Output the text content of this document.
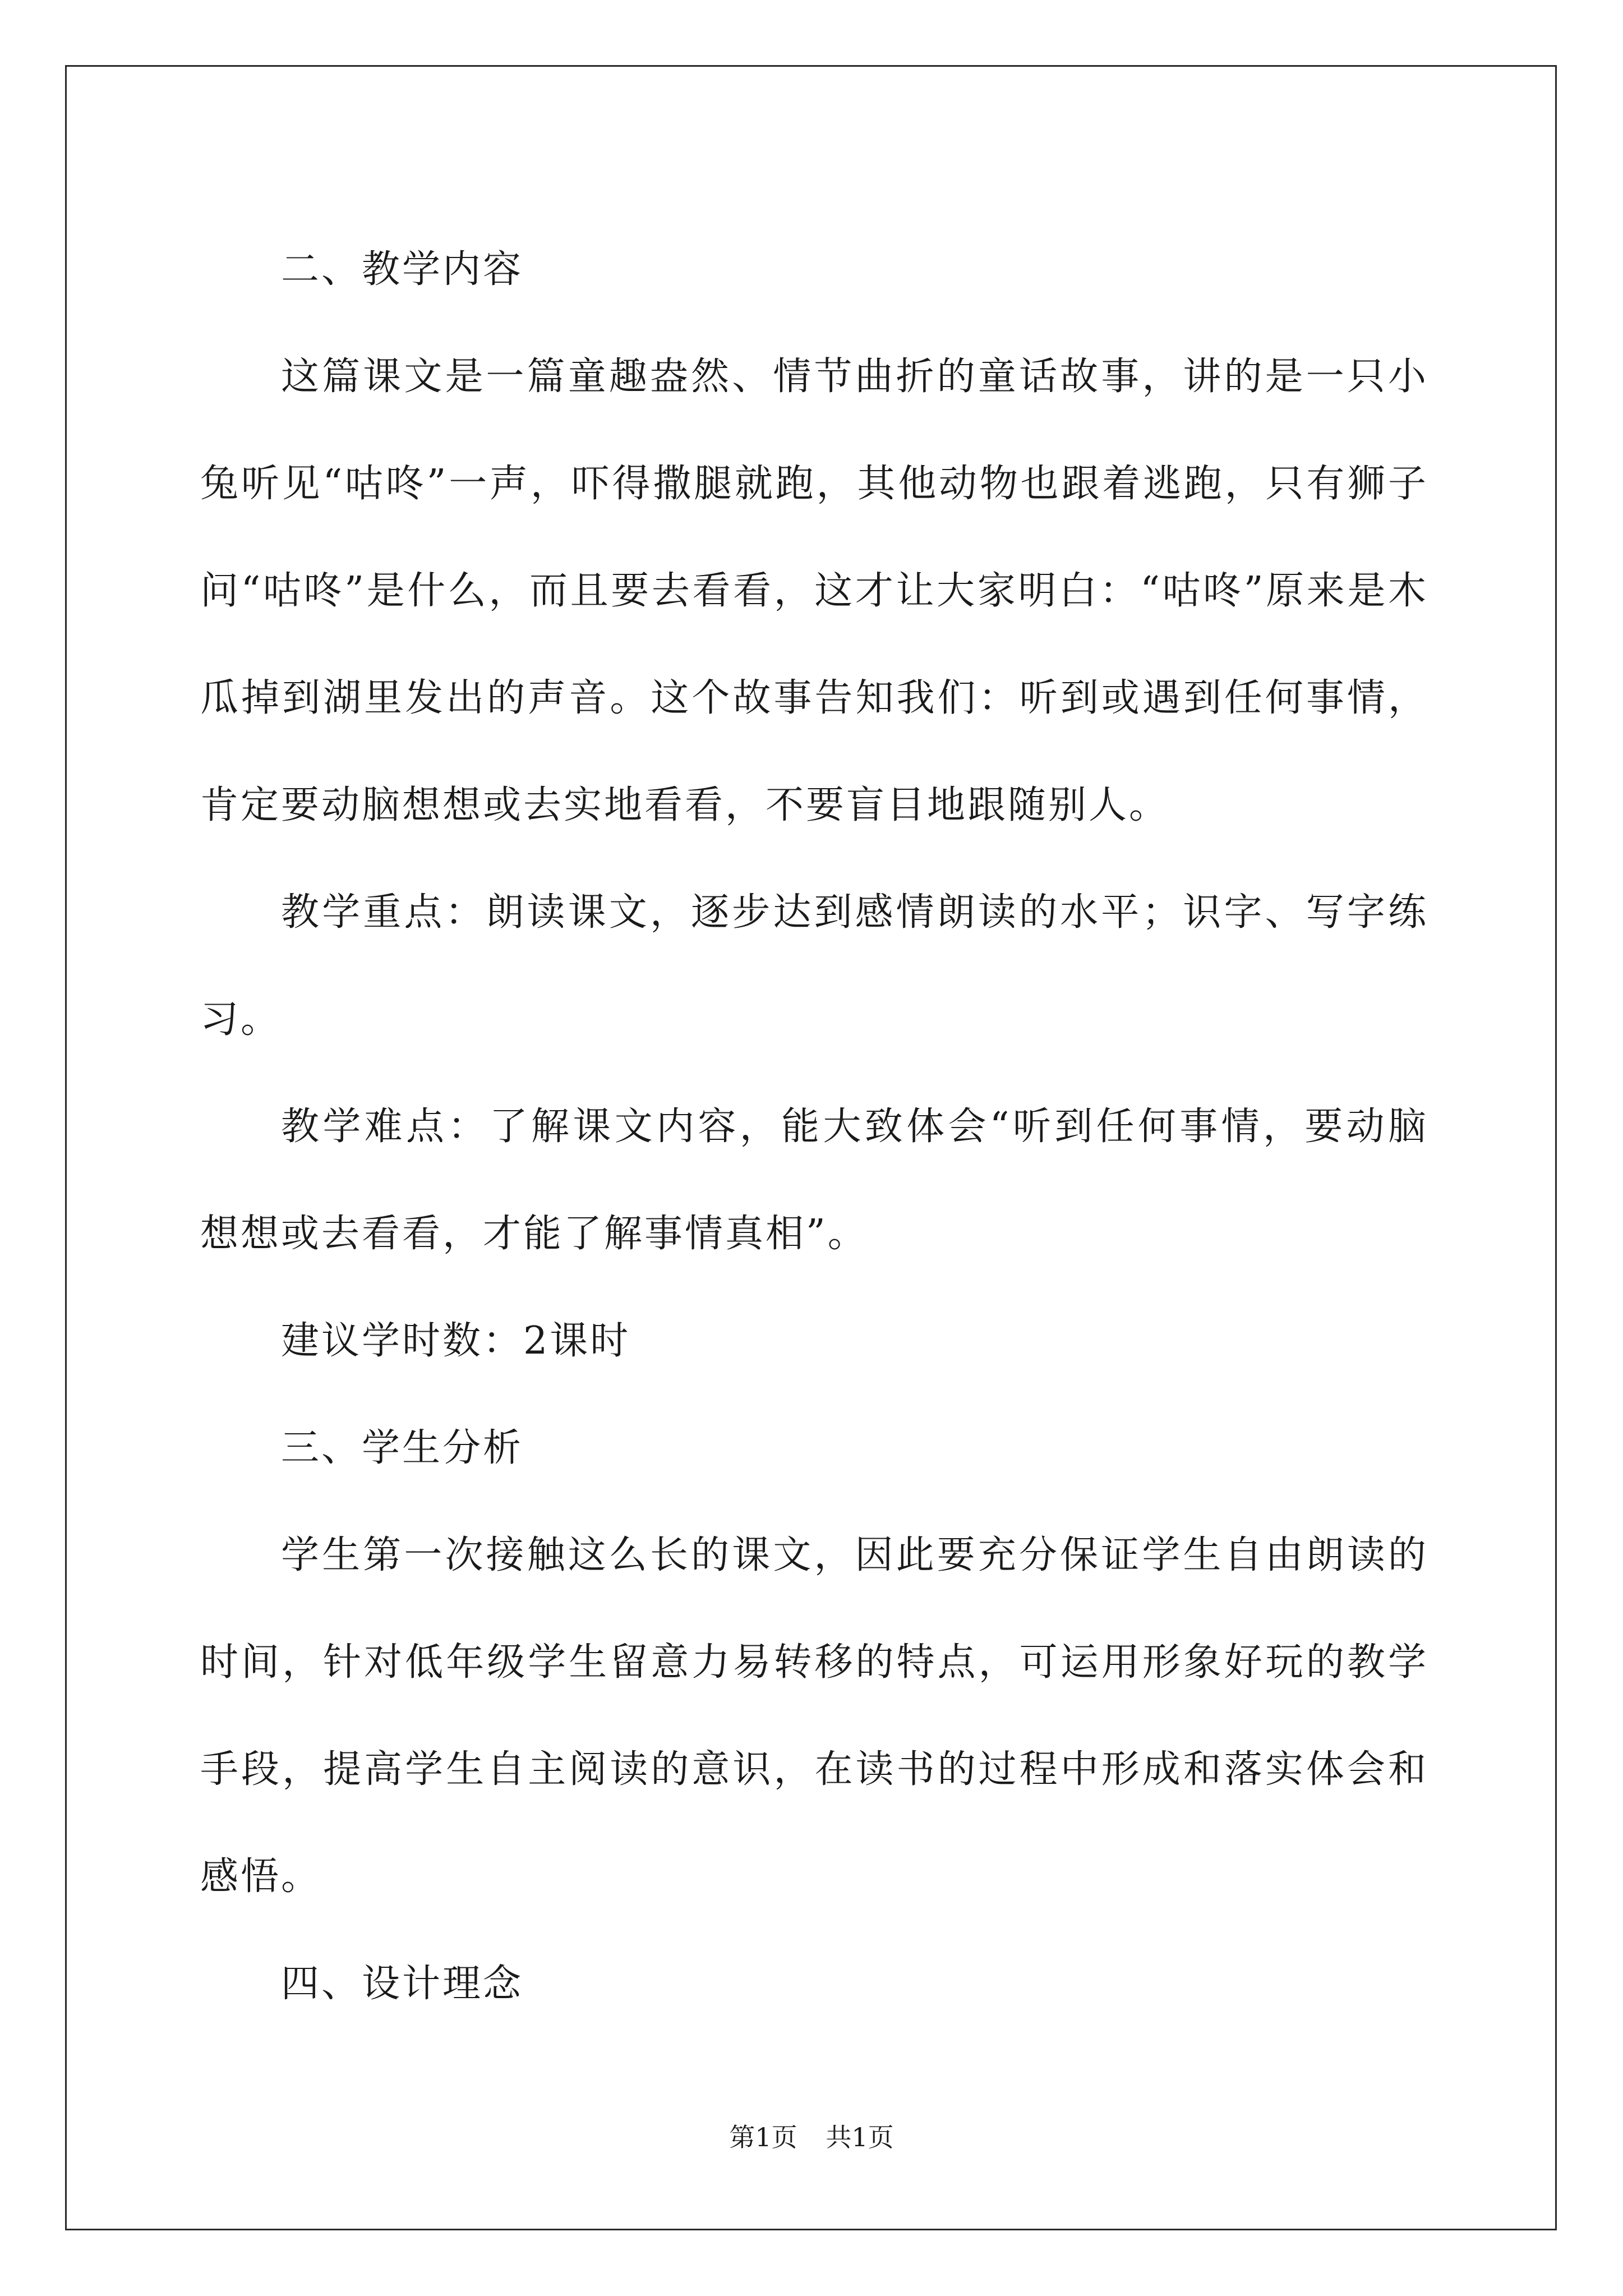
二、教学内容

这篇课文是一篇童趣盎然、情节曲折的童话故事，讲的是一只小兔听见“咕咚”一声，吓得撒腿就跑，其他动物也跟着逃跑，只有狮子问“咕咚”是什么，而且要去看看，这才让大家明白：“咕咚”原来是木瓜掉到湖里发出的声音。这个故事告知我们：听到或遇到任何事情，肯定要动脑想想或去实地看看，不要盲目地跟随别人。

教学重点：朗读课文，逐步达到感情朗读的水平；识字、写字练习。

教学难点：了解课文内容，能大致体会“听到任何事情，要动脑想想或去看看，才能了解事情真相”。

建议学时数：2课时

三、学生分析

学生第一次接触这么长的课文，因此要充分保证学生自由朗读的时间，针对低年级学生留意力易转移的特点，可运用形象好玩的教学手段，提高学生自主阅读的意识，在读书的过程中形成和落实体会和感悟。

四、设计理念

第1页 共1页
